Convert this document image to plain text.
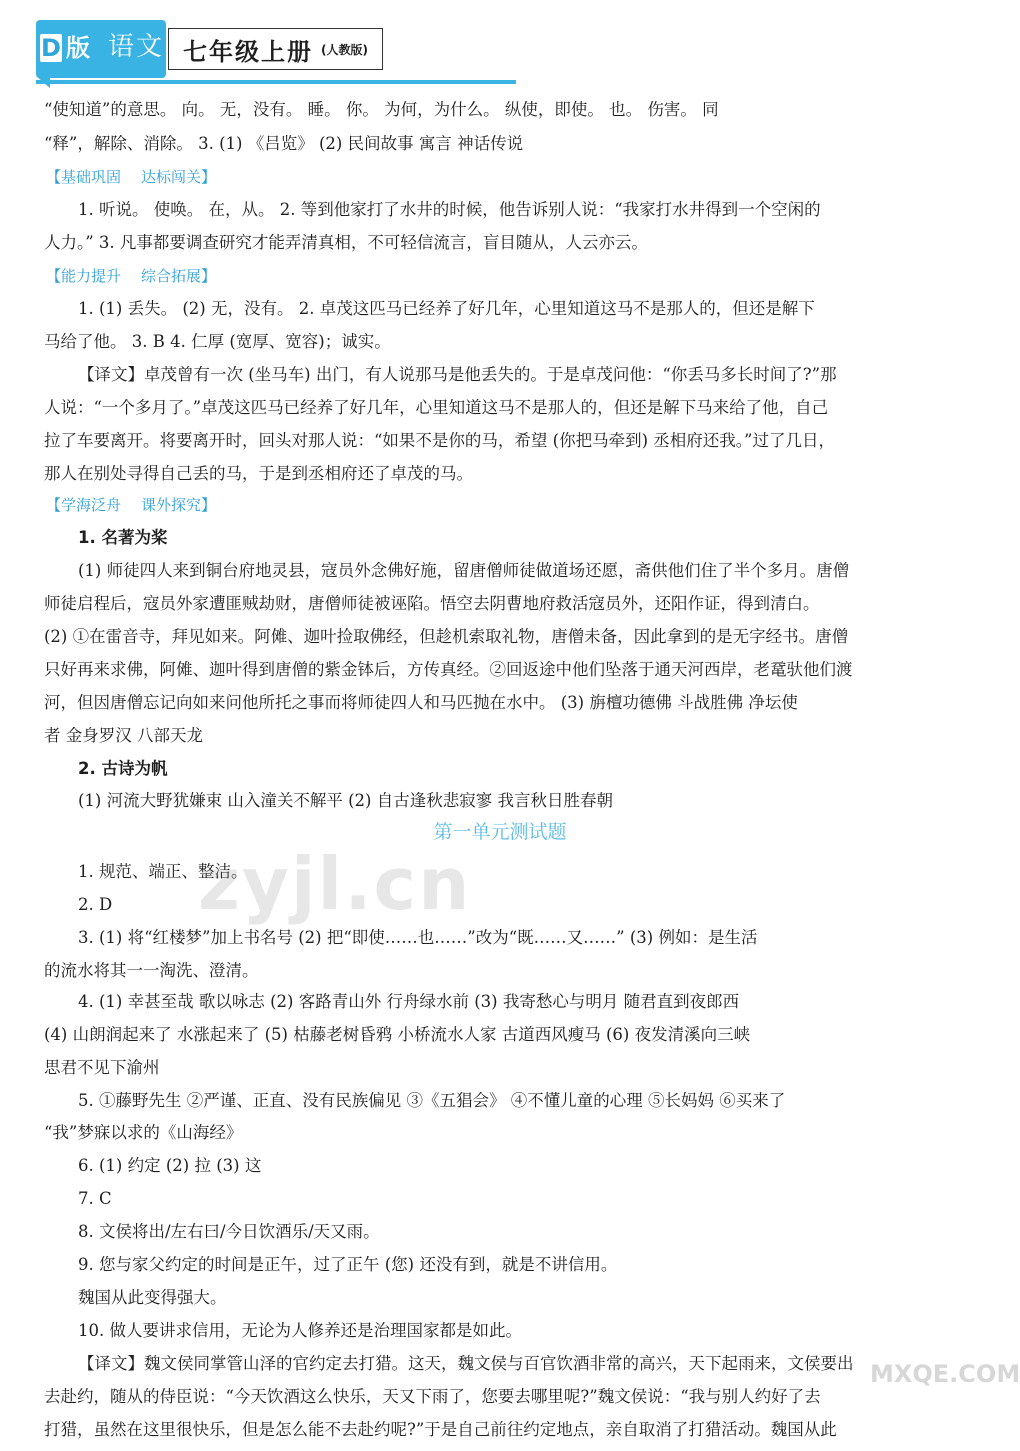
D 版 语文 七年级上册 (人教版)
“使知道”的意思。 向。 无，没有。 睡。 你。 为何，为什么。 纵使，即使。 也。 伤害。 同
“释”，解除、消除。 3. (1) 《吕览》 (2) 民间故事 寓言 神话传说
【基础巩固 达标闯关】
1. 听说。 使唤。 在，从。 2. 等到他家打了水井的时候，他告诉别人说：“我家打水井得到一个空闲的
人力。” 3. 凡事都要调查研究才能弄清真相，不可轻信流言，盲目随从，人云亦云。
【能力提升 综合拓展】
1. (1) 丢失。 (2) 无，没有。 2. 卓茂这匹马已经养了好几年，心里知道这马不是那人的，但还是解下
马给了他。 3. B 4. 仁厚 (宽厚、宽容)；诚实。
【译文】卓茂曾有一次 (坐马车) 出门，有人说那马是他丢失的。于是卓茂问他：“你丢马多长时间了?”那
人说：“一个多月了。”卓茂这匹马已经养了好几年，心里知道这马不是那人的，但还是解下马来给了他，自己
拉了车要离开。将要离开时，回头对那人说：“如果不是你的马，希望 (你把马牵到) 丞相府还我。”过了几日，
那人在别处寻得自己丢的马，于是到丞相府还了卓茂的马。
【学海泛舟 课外探究】
1. 名著为桨
(1) 师徒四人来到铜台府地灵县，寇员外念佛好施，留唐僧师徒做道场还愿，斋供他们住了半个多月。唐僧
师徒启程后，寇员外家遭匪贼劫财，唐僧师徒被诬陷。悟空去阴曹地府救活寇员外，还阳作证，得到清白。
(2) ①在雷音寺，拜见如来。阿傩、迦叶捡取佛经，但趁机索取礼物，唐僧未备，因此拿到的是无字经书。唐僧
只好再来求佛，阿傩、迦叶得到唐僧的紫金钵后，方传真经。②回返途中他们坠落于通天河西岸，老鼋驮他们渡
河，但因唐僧忘记向如来问他所托之事而将师徒四人和马匹抛在水中。 (3) 旃檀功德佛 斗战胜佛 净坛使
者 金身罗汉 八部天龙
2. 古诗为帆
(1) 河流大野犹嫌束 山入潼关不解平 (2) 自古逢秋悲寂寥 我言秋日胜春朝
第一单元测试题
1. 规范、端正、整洁。
2. D
3. (1) 将“红楼梦”加上书名号 (2) 把“即使……也……”改为“既……又……” (3) 例如：是生活
的流水将其一一淘洗、澄清。
4. (1) 幸甚至哉 歌以咏志 (2) 客路青山外 行舟绿水前 (3) 我寄愁心与明月 随君直到夜郎西
(4) 山朗润起来了 水涨起来了 (5) 枯藤老树昏鸦 小桥流水人家 古道西风瘦马 (6) 夜发清溪向三峡
思君不见下渝州
5. ①藤野先生 ②严谨、正直、没有民族偏见 ③《五猖会》 ④不懂儿童的心理 ⑤长妈妈 ⑥买来了
“我”梦寐以求的《山海经》
6. (1) 约定 (2) 拉 (3) 这
7. C
8. 文侯将出/左右曰/今日饮酒乐/天又雨。
9. 您与家父约定的时间是正午，过了正午 (您) 还没有到，就是不讲信用。
魏国从此变得强大。
10. 做人要讲求信用，无论为人修养还是治理国家都是如此。
【译文】魏文侯同掌管山泽的官约定去打猎。这天，魏文侯与百官饮酒非常的高兴，天下起雨来，文侯要出
去赴约，随从的侍臣说：“今天饮酒这么快乐，天又下雨了，您要去哪里呢?”魏文侯说：“我与别人约好了去
打猎，虽然在这里很快乐，但是怎么能不去赴约呢?”于是自己前往约定地点，亲自取消了打猎活动。魏国从此
zyjl.cn
MXQE.COM
